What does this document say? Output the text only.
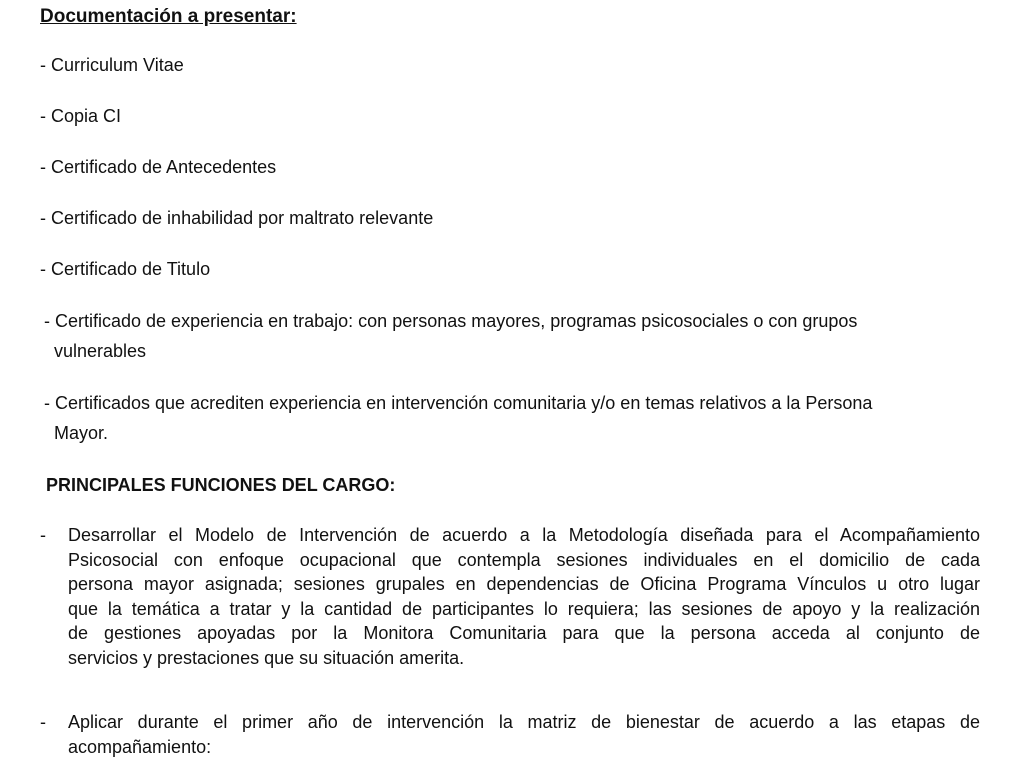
Documentación a presentar:
- Curriculum Vitae
- Copia CI
- Certificado de Antecedentes
- Certificado de inhabilidad por maltrato relevante
- Certificado de Titulo
- Certificado de experiencia en trabajo: con personas mayores, programas psicosociales o con grupos
vulnerables
- Certificados que acrediten experiencia en intervención comunitaria y/o en temas relativos a la Persona
Mayor.
PRINCIPALES FUNCIONES DEL CARGO:
- Desarrollar el Modelo de Intervención de acuerdo a la Metodología diseñada para el Acompañamiento
Psicosocial con enfoque ocupacional que contempla sesiones individuales en el domicilio de cada
persona mayor asignada; sesiones grupales en dependencias de Oficina Programa Vínculos u otro lugar
que la temática a tratar y la cantidad de participantes lo requiera; las sesiones de apoyo y la realización
de gestiones apoyadas por la Monitora Comunitaria para que la persona acceda al conjunto de
servicios y prestaciones que su situación amerita.
- Aplicar durante el primer año de intervención la matriz de bienestar de acuerdo a las etapas de
acompañamiento:
